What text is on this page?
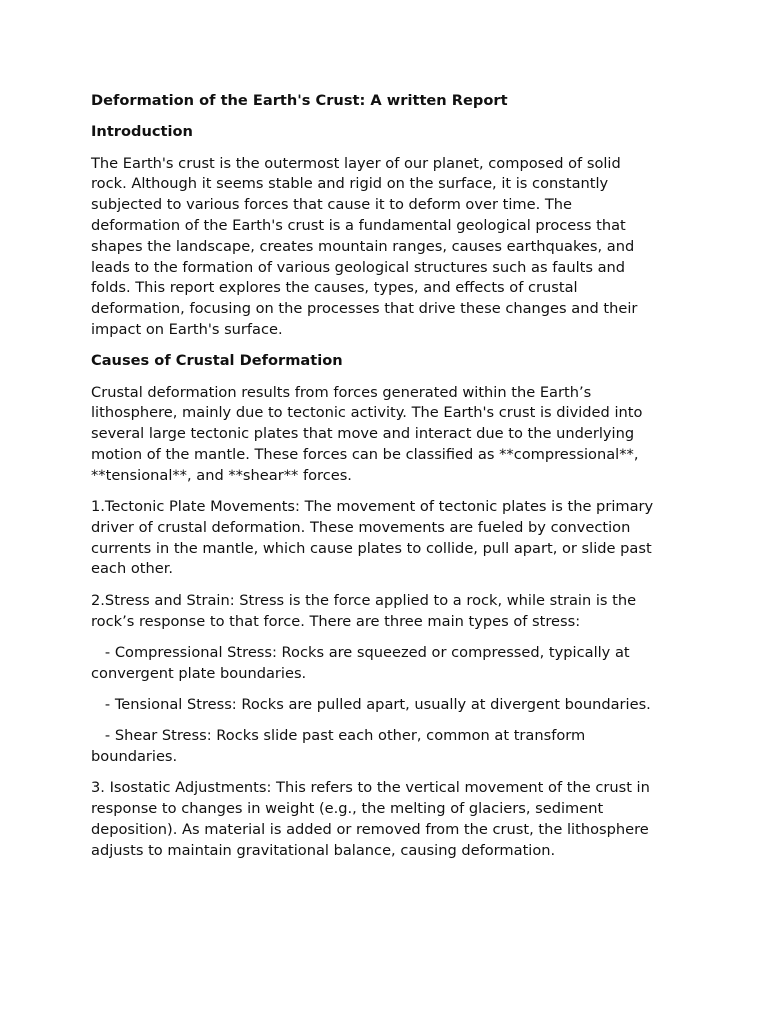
Deformation of the Earth's Crust: A written Report
Introduction

The Earth's crust is the outermost layer of our planet, composed of solid
rock. Although it seems stable and rigid on the surface, it is constantly
subjected to various forces that cause it to deform over time. The
deformation of the Earth's crust is a fundamental geological process that
shapes the landscape, creates mountain ranges, causes earthquakes, and
leads to the formation of various geological structures such as faults and
folds. This report explores the causes, types, and effects of crustal
deformation, focusing on the processes that drive these changes and their
impact on Earth's surface.

Causes of Crustal Deformation

Crustal deformation results from forces generated within the Earth’s
lithosphere, mainly due to tectonic activity. The Earth's crust is divided into
several large tectonic plates that move and interact due to the underlying
motion of the mantle. These forces can be classified as **compressional**,
**tensional**, and **shear** forces.

1.Tectonic Plate Movements: The movement of tectonic plates is the primary
driver of crustal deformation. These movements are fueled by convection
currents in the mantle, which cause plates to collide, pull apart, or slide past
each other.

2.Stress and Strain: Stress is the force applied to a rock, while strain is the
rock’s response to that force. There are three main types of stress:

- Compressional Stress: Rocks are squeezed or compressed, typically at
convergent plate boundaries.

- Tensional Stress: Rocks are pulled apart, usually at divergent boundaries.

- Shear Stress: Rocks slide past each other, common at transform
boundaries.

3. Isostatic Adjustments: This refers to the vertical movement of the crust in
response to changes in weight (e.g., the melting of glaciers, sediment
deposition). As material is added or removed from the crust, the lithosphere
adjusts to maintain gravitational balance, causing deformation.
